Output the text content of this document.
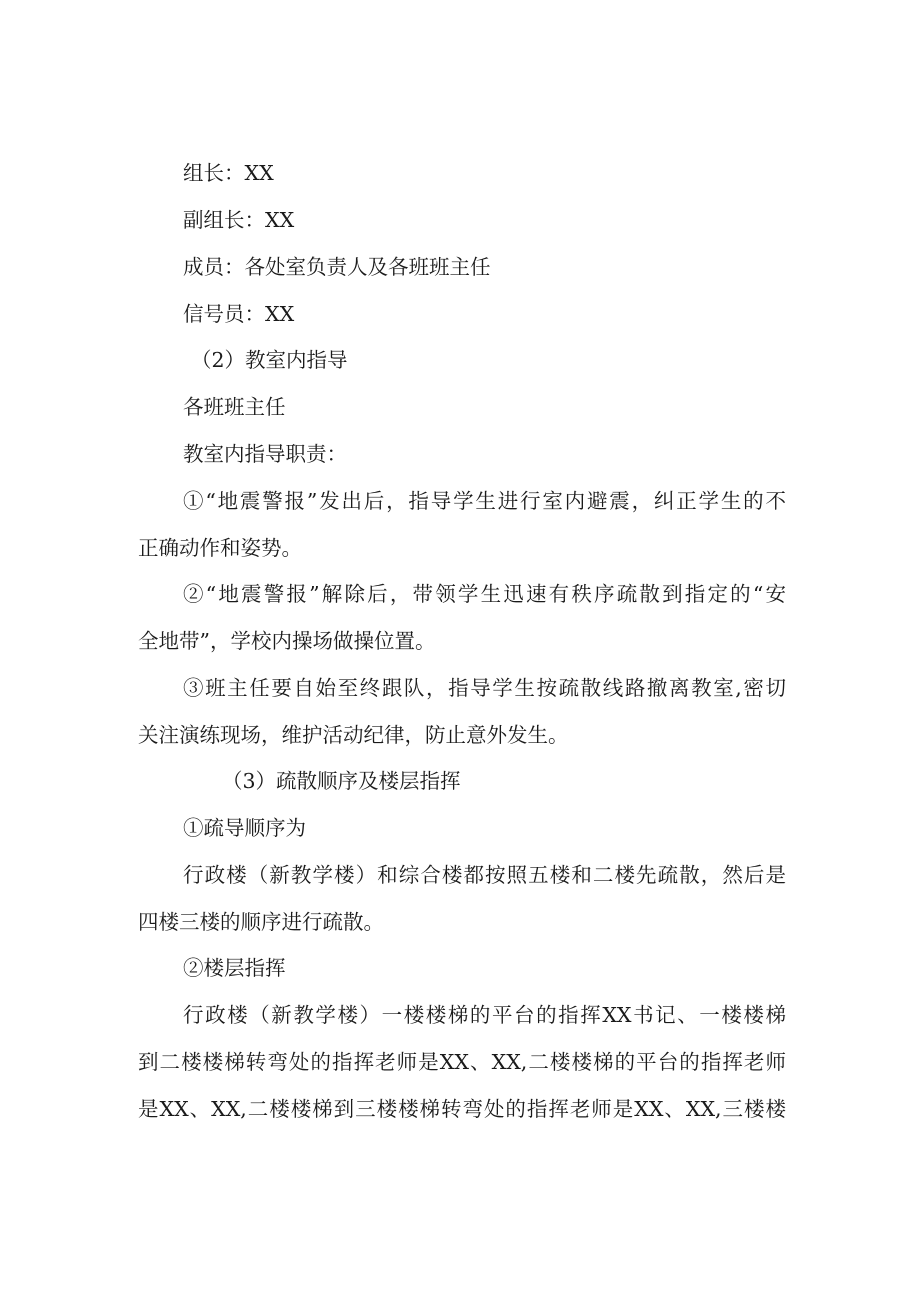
组长：XX

副组长：XX

成员：各处室负责人及各班班主任

信号员：XX

（2）教室内指导

各班班主任

教室内指导职责：

①“地震警报”发出后，指导学生进行室内避震，纠正学生的不

正确动作和姿势。

②“地震警报”解除后，带领学生迅速有秩序疏散到指定的“安

全地带”，学校内操场做操位置。

③班主任要自始至终跟队，指导学生按疏散线路撤离教室,密切

关注演练现场，维护活动纪律，防止意外发生。

（3）疏散顺序及楼层指挥

①疏导顺序为

行政楼（新教学楼）和综合楼都按照五楼和二楼先疏散，然后是

四楼三楼的顺序进行疏散。

②楼层指挥

行政楼（新教学楼）一楼楼梯的平台的指挥XX书记、一楼楼梯

到二楼楼梯转弯处的指挥老师是XX、XX,二楼楼梯的平台的指挥老师

是XX、XX,二楼楼梯到三楼楼梯转弯处的指挥老师是XX、XX,三楼楼
